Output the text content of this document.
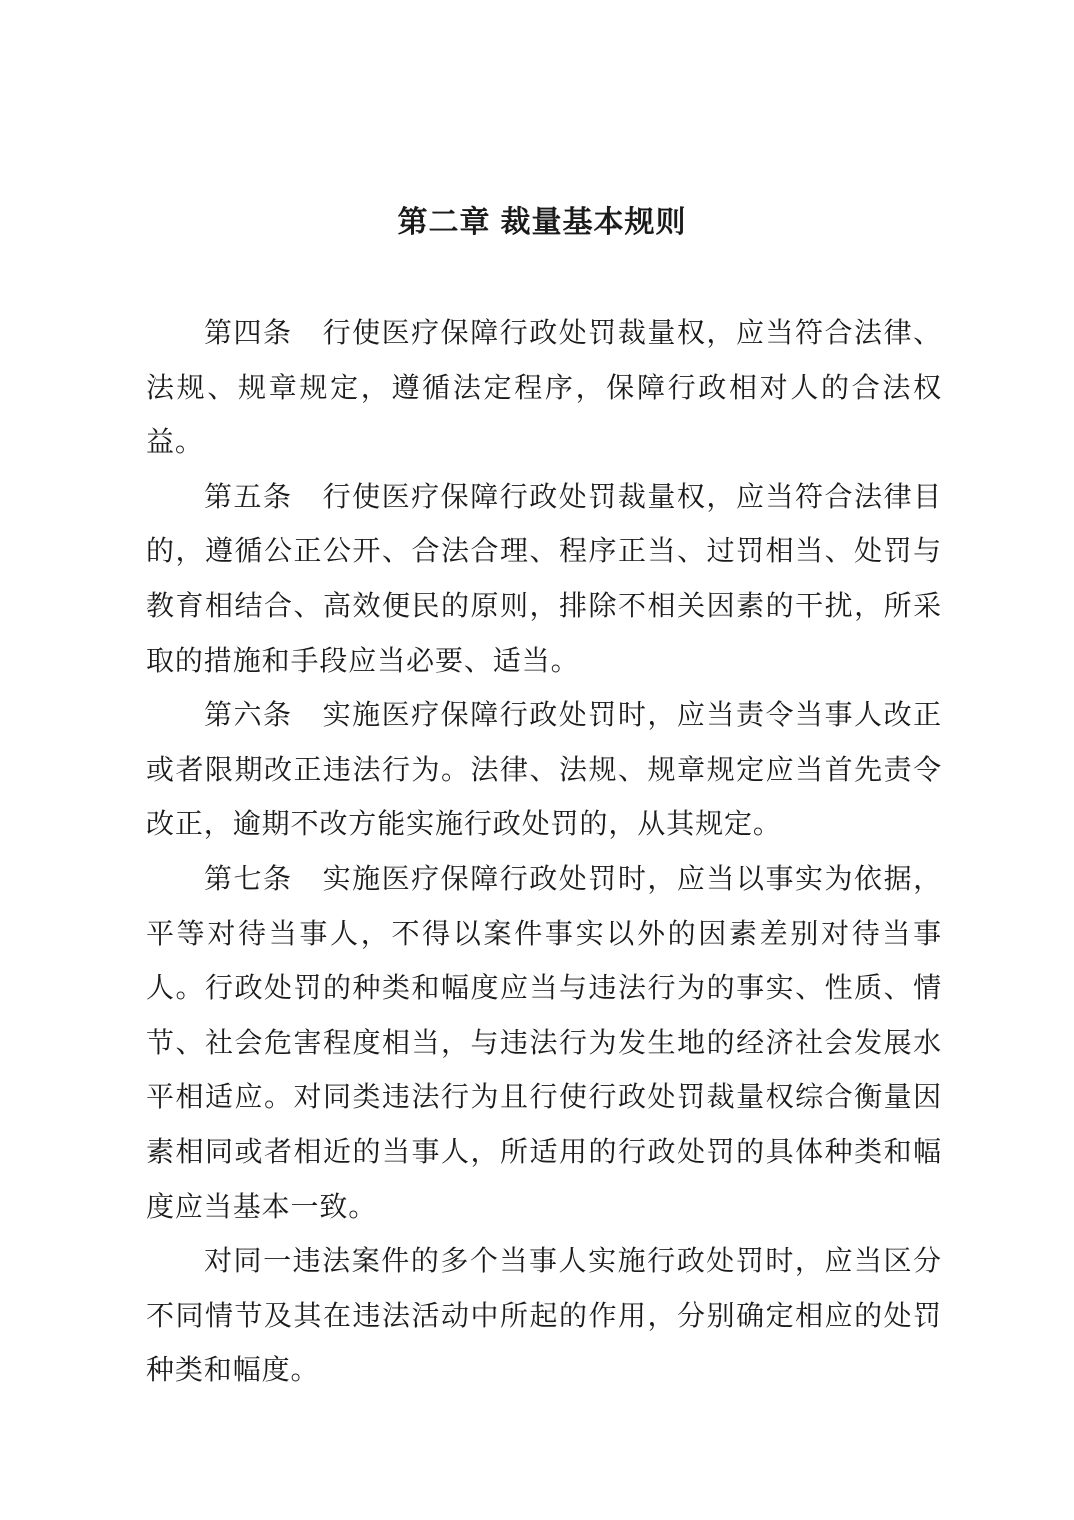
第二章 裁量基本规则

第四条 行使医疗保障行政处罚裁量权，应当符合法律、法规、规章规定，遵循法定程序，保障行政相对人的合法权益。

第五条 行使医疗保障行政处罚裁量权，应当符合法律目的，遵循公正公开、合法合理、程序正当、过罚相当、处罚与教育相结合、高效便民的原则，排除不相关因素的干扰，所采取的措施和手段应当必要、适当。

第六条 实施医疗保障行政处罚时，应当责令当事人改正或者限期改正违法行为。法律、法规、规章规定应当首先责令改正，逾期不改方能实施行政处罚的，从其规定。

第七条 实施医疗保障行政处罚时，应当以事实为依据，平等对待当事人，不得以案件事实以外的因素差别对待当事人。行政处罚的种类和幅度应当与违法行为的事实、性质、情节、社会危害程度相当，与违法行为发生地的经济社会发展水平相适应。对同类违法行为且行使行政处罚裁量权综合衡量因素相同或者相近的当事人，所适用的行政处罚的具体种类和幅度应当基本一致。

对同一违法案件的多个当事人实施行政处罚时，应当区分不同情节及其在违法活动中所起的作用，分别确定相应的处罚种类和幅度。
